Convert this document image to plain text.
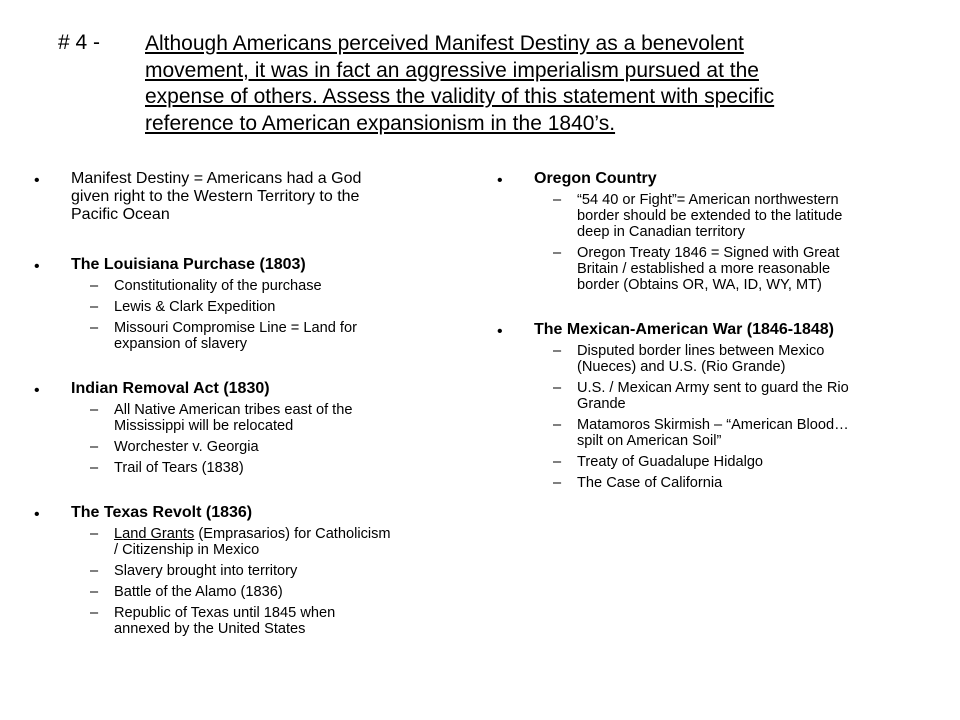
# 4 - Although Americans perceived Manifest Destiny as a benevolent
movement, it was in fact an aggressive imperialism pursued at the
expense of others. Assess the validity of this statement with specific
reference to American expansionism in the 1840’s.
• Manifest Destiny = Americans had a God
given right to the Western Territory to the
Pacific Ocean
• The Louisiana Purchase (1803)
–	Constitutionality of the purchase
–	Lewis & Clark Expedition
–	Missouri Compromise Line = Land for
expansion of slavery
• Indian Removal Act (1830)
–	All Native American tribes east of the
Mississippi will be relocated
–	Worchester v. Georgia
–	Trail of Tears (1838)
• The Texas Revolt (1836)
–	Land Grants (Emprasarios) for Catholicism
/ Citizenship in Mexico
–	Slavery brought into territory
–	Battle of the Alamo (1836)
–	Republic of Texas until 1845 when
annexed by the United States
• Oregon Country
–	“54 40 or Fight”= American northwestern
border should be extended to the latitude
deep in Canadian territory
–	Oregon Treaty 1846 = Signed with Great
Britain / established a more reasonable
border (Obtains OR, WA, ID, WY, MT)
• The Mexican-American War (1846-1848)
–	Disputed border lines between Mexico
(Nueces) and U.S. (Rio Grande)
–	U.S. / Mexican Army sent to guard the Rio
Grande
–	Matamoros Skirmish – “American Blood…
spilt on American Soil”
–	Treaty of Guadalupe Hidalgo
–	The Case of California
